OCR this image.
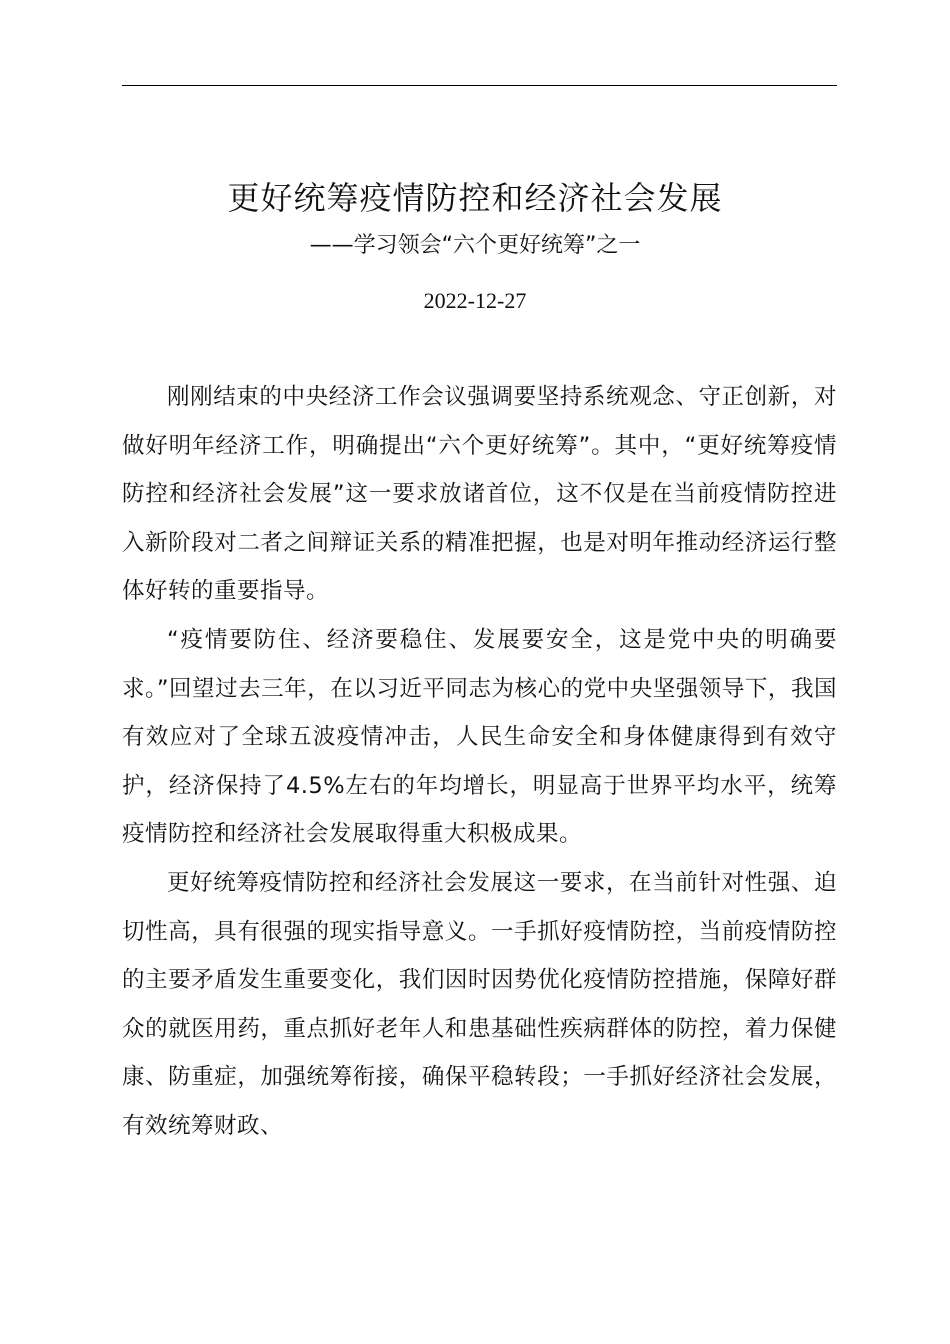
更好统筹疫情防控和经济社会发展
——学习领会“六个更好统筹”之一
2022-12-27

刚刚结束的中央经济工作会议强调要坚持系统观念、守正创新，对做好明年经济工作，明确提出“六个更好统筹”。其中，“更好统筹疫情防控和经济社会发展”这一要求放诸首位，这不仅是在当前疫情防控进入新阶段对二者之间辩证关系的精准把握，也是对明年推动经济运行整体好转的重要指导。

“疫情要防住、经济要稳住、发展要安全，这是党中央的明确要求。”回望过去三年，在以习近平同志为核心的党中央坚强领导下，我国有效应对了全球五波疫情冲击，人民生命安全和身体健康得到有效守护，经济保持了4.5%左右的年均增长，明显高于世界平均水平，统筹疫情防控和经济社会发展取得重大积极成果。

更好统筹疫情防控和经济社会发展这一要求，在当前针对性强、迫切性高，具有很强的现实指导意义。一手抓好疫情防控，当前疫情防控的主要矛盾发生重要变化，我们因时因势优化疫情防控措施，保障好群众的就医用药，重点抓好老年人和患基础性疾病群体的防控，着力保健康、防重症，加强统筹衔接，确保平稳转段；一手抓好经济社会发展，有效统筹财政、
